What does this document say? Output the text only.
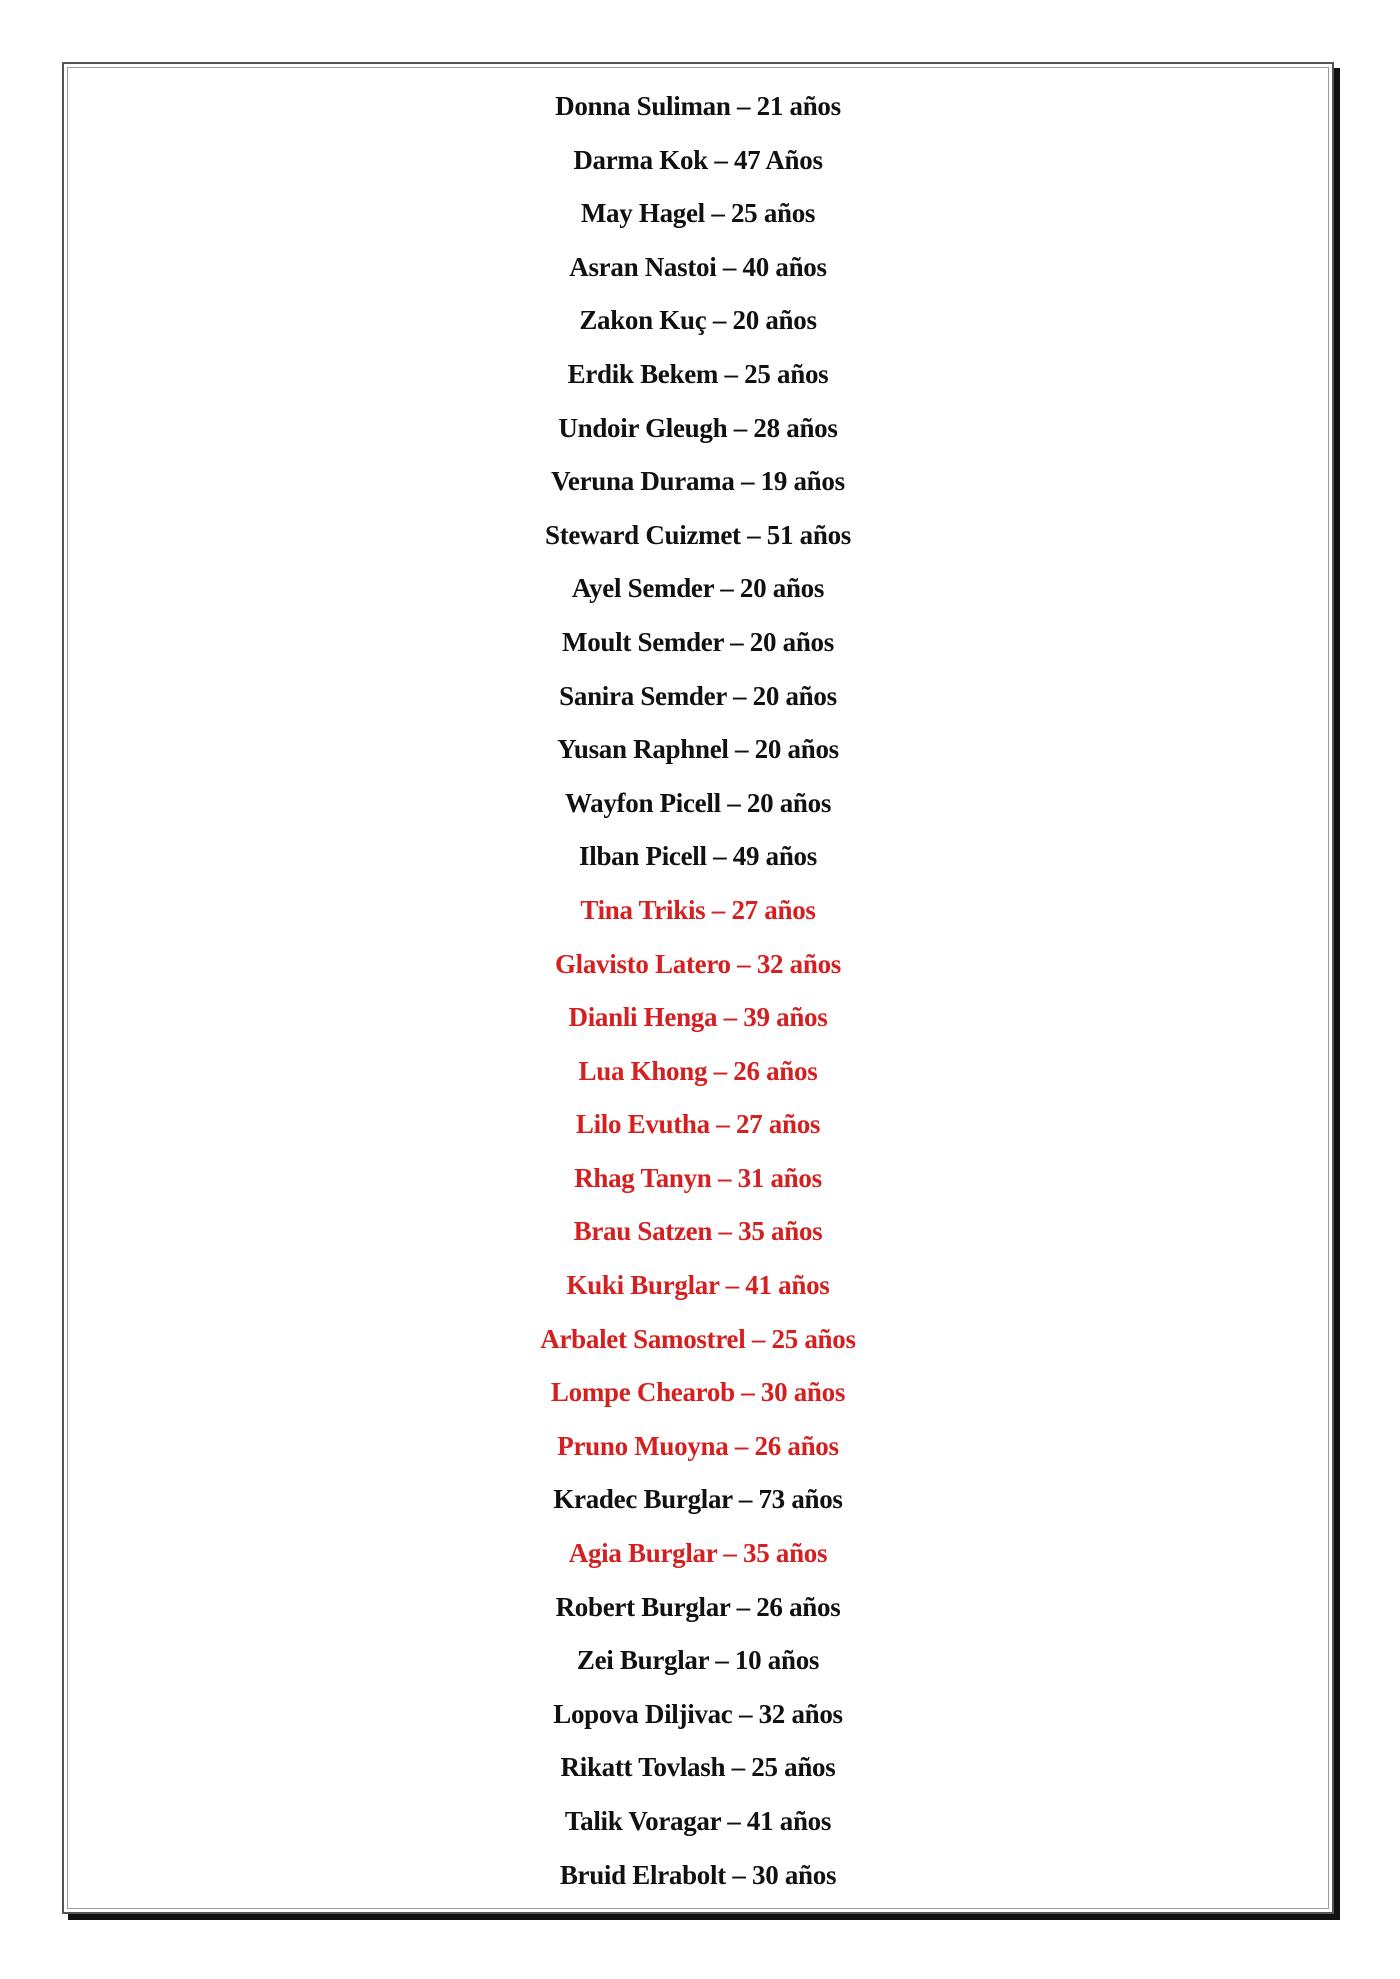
Donna Suliman – 21 años
Darma Kok – 47 Años
May Hagel – 25 años
Asran Nastoi – 40 años
Zakon Kuç – 20 años
Erdik Bekem – 25 años
Undoir Gleugh – 28 años
Veruna Durama – 19 años
Steward Cuizmet – 51 años
Ayel Semder – 20 años
Moult Semder – 20 años
Sanira Semder – 20 años
Yusan Raphnel – 20 años
Wayfon Picell – 20 años
Ilban Picell – 49 años
Tina Trikis – 27 años
Glavisto Latero – 32 años
Dianli Henga – 39 años
Lua Khong – 26 años
Lilo Evutha – 27 años
Rhag Tanyn – 31 años
Brau Satzen – 35 años
Kuki Burglar – 41 años
Arbalet Samostrel – 25 años
Lompe Chearob – 30 años
Pruno Muoyna – 26 años
Kradec Burglar – 73 años
Agia Burglar – 35 años
Robert Burglar – 26 años
Zei Burglar – 10 años
Lopova Diljivac – 32 años
Rikatt Tovlash – 25 años
Talik Voragar – 41 años
Bruid Elrabolt – 30 años
